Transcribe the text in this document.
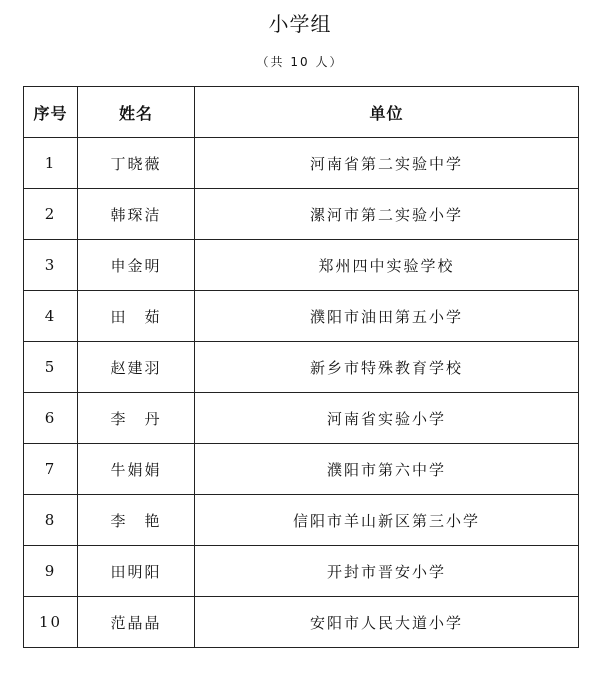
小学组
（共 10 人）
序号	姓名	单位
1	丁晓薇	河南省第二实验中学
2	韩琛洁	漯河市第二实验小学
3	申金明	郑州四中实验学校
4	田　茹	濮阳市油田第五小学
5	赵建羽	新乡市特殊教育学校
6	李　丹	河南省实验小学
7	牛娟娟	濮阳市第六中学
8	李　艳	信阳市羊山新区第三小学
9	田明阳	开封市晋安小学
10	范晶晶	安阳市人民大道小学
